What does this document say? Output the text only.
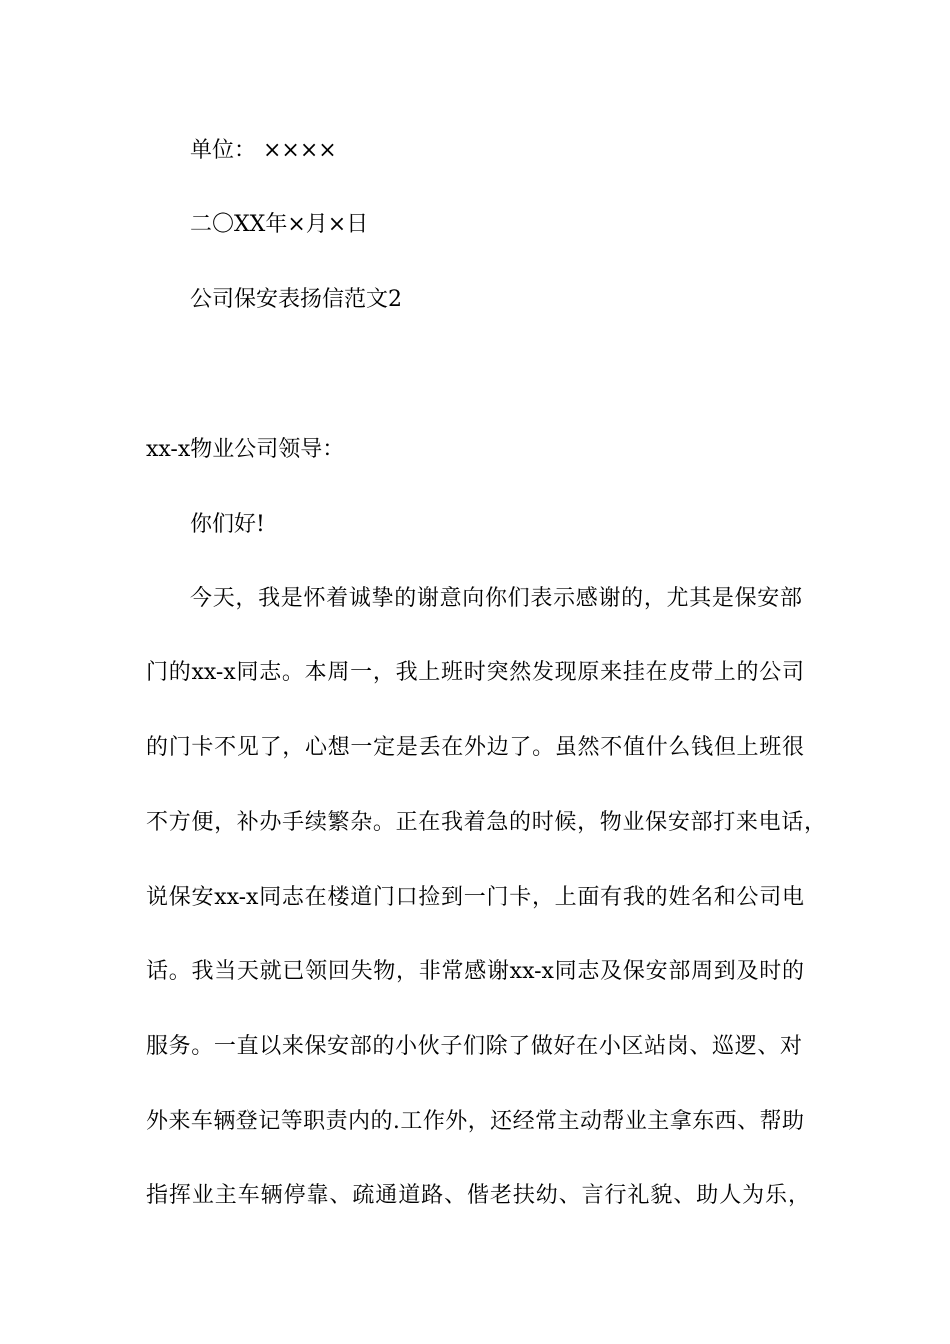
单位： ××××

二〇XX年×月×日

公司保安表扬信范文2

xx-x物业公司领导：

你们好!

今天，我是怀着诚挚的谢意向你们表示感谢的，尤其是保安部

门的xx-x同志。本周一，我上班时突然发现原来挂在皮带上的公司

的门卡不见了，心想一定是丢在外边了。虽然不值什么钱但上班很

不方便，补办手续繁杂。正在我着急的时候，物业保安部打来电话，

说保安xx-x同志在楼道门口捡到一门卡，上面有我的姓名和公司电

话。我当天就已领回失物，非常感谢xx-x同志及保安部周到及时的

服务。一直以来保安部的小伙子们除了做好在小区站岗、巡逻、对

外来车辆登记等职责内的.工作外，还经常主动帮业主拿东西、帮助

指挥业主车辆停靠、疏通道路、偕老扶幼、言行礼貌、助人为乐，
